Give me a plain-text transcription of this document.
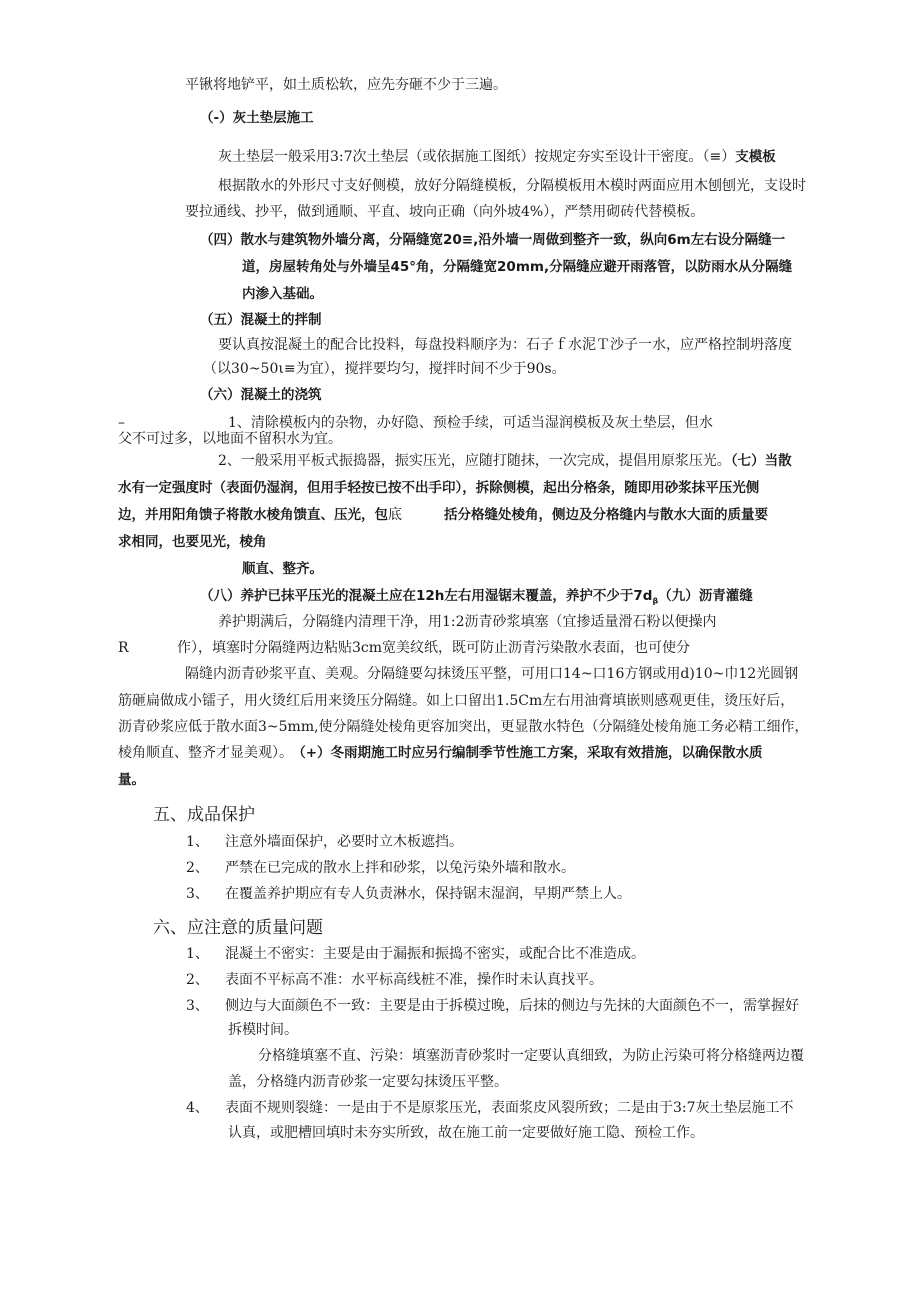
平锹将地铲平，如土质松软，应先夯砸不少于三遍。
（-）灰土垫层施工
灰土垫层一般采用3:7次土垫层（或依据施工图纸）按规定夯实至设计干密度。（≡）支模板
根据散水的外形尺寸支好侧模，放好分隔缝模板，分隔模板用木模时两面应用木刨刨光，支设时
要拉通线、抄平，做到通顺、平直、坡向正确（向外坡4%），严禁用砌砖代替模板。
（四）散水与建筑物外墙分离，分隔缝宽20≡,沿外墙一周做到整齐一致，纵向6m左右设分隔缝一
道，房屋转角处与外墙呈45°角，分隔缝宽20mm,分隔缝应避开雨落管，以防雨水从分隔缝
内渗入基础。
（五）混凝土的拌制
要认真按混凝土的配合比投料，每盘投料顺序为：石子ｆ水泥Ｔ沙子一水，应严格控制坍落度
（以30~50ι≡为宜），搅拌要均匀，搅拌时间不少于90s。
（六）混凝土的浇筑
–	1、清除模板内的杂物，办好隐、预检手续，可适当湿润模板及灰土垫层，但水
父不可过多，以地面不留积水为宜。
2、一般采用平板式振捣器，振实压光，应随打随抹，一次完成，提倡用原浆压光。（七）当散
水有一定强度时（表面仍湿润，但用手轻按已按不出手印），拆除侧模，起出分格条，随即用砂浆抹平压光侧
边，并用阳角馈子将散水棱角馈直、压光，包底	括分格缝处棱角，侧边及分格缝内与散水大面的质量要
求相同，也要见光，棱角
顺直、整齐。
（八）养护已抹平压光的混凝土应在12h左右用湿锯末覆盖，养护不少于$7d_\beta$（九）沥青灌缝
养护期满后，分隔缝内清理干净，用1:2沥青砂浆填塞（宜掺适量滑石粉以便操内
R	作），填塞时分隔缝两边粘贴3cm宽美纹纸，既可防止沥青污染散水表面，也可使分
隔缝内沥青砂浆平直、美观。分隔缝要勾抹烫压平整，可用口14~口16方钢或用d)10~巾12光圆钢
筋砸扁做成小镭子，用火烫红后用来烫压分隔缝。如上口留出1.5Cm左右用油膏填嵌则感观更佳，烫压好后，
沥青砂浆应低于散水面3~5mm,使分隔缝处棱角更容加突出，更显散水特色（分隔缝处棱角施工务必精工细作，
棱角顺直、整齐才显美观）。 （+）冬雨期施工时应另行编制季节性施工方案，采取有效措施，以确保散水质
量。
五、成品保护
1、 注意外墙面保护，必要时立木板遮挡。
2、 严禁在已完成的散水上拌和砂浆，以兔污染外墙和散水。
3、 在覆盖养护期应有专人负责淋水，保持锯末湿润，早期严禁上人。
六、应注意的质量问题
1、 混凝土不密实：主要是由于漏振和振捣不密实，或配合比不准造成。
2、 表面不平标高不准：水平标高线桩不准，操作时未认真找平。
3、 侧边与大面颜色不一致：主要是由于拆模过晚，后抹的侧边与先抹的大面颜色不一，需掌握好
拆模时间。
分格缝填塞不直、污染：填塞沥青砂浆时一定要认真细致，为防止污染可将分格缝两边覆
盖，分格缝内沥青砂浆一定要勾抹烫压平整。
4、 表面不规则裂缝：一是由于不是原浆压光，表面浆皮风裂所致；二是由于3:7灰土垫层施工不
认真，或肥槽回填时未夯实所致，故在施工前一定要做好施工隐、预检工作。
